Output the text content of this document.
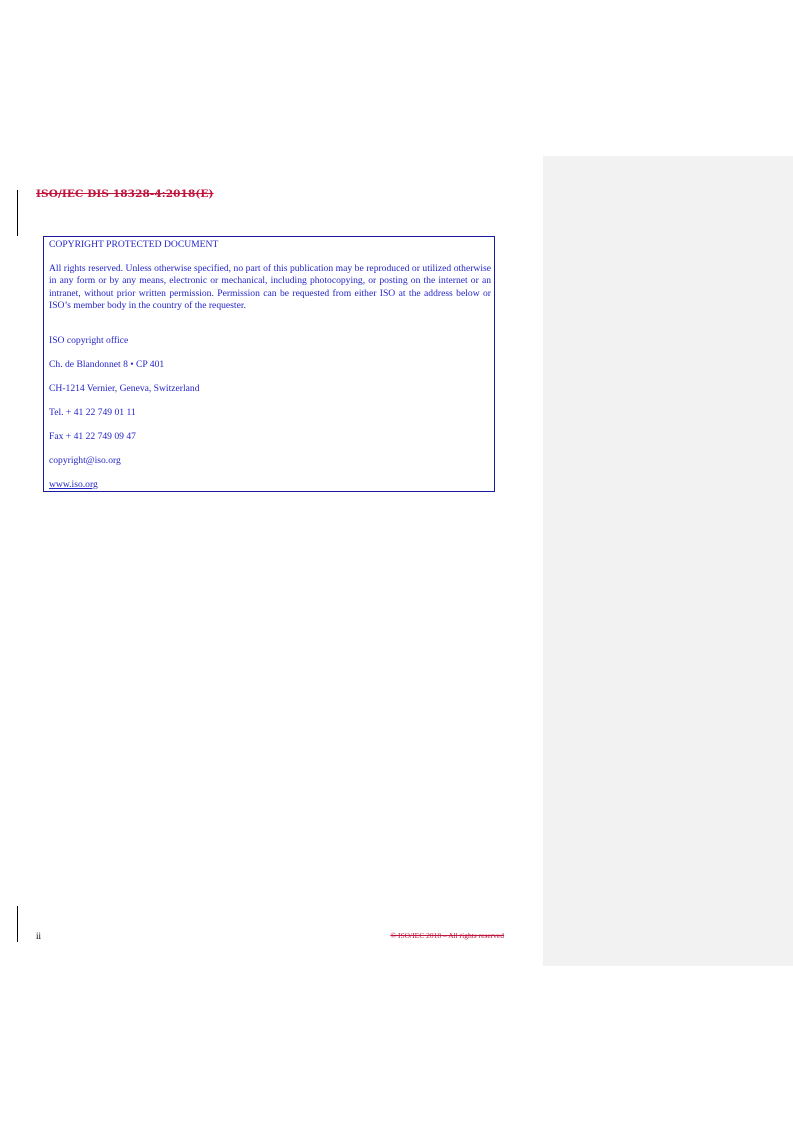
ISO/IEC DIS 18328-4:2018(E)
COPYRIGHT PROTECTED DOCUMENT

All rights reserved. Unless otherwise specified, no part of this publication may be reproduced or utilized otherwise in any form or by any means, electronic or mechanical, including photocopying, or posting on the internet or an intranet, without prior written permission. Permission can be requested from either ISO at the address below or ISO’s member body in the country of the requester.

ISO copyright office
Ch. de Blandonnet 8 • CP 401
CH-1214 Vernier, Geneva, Switzerland
Tel. + 41 22 749 01 11
Fax + 41 22 749 09 47
copyright@iso.org
www.iso.org
ii	© ISO/IEC 2018 – All rights reserved
